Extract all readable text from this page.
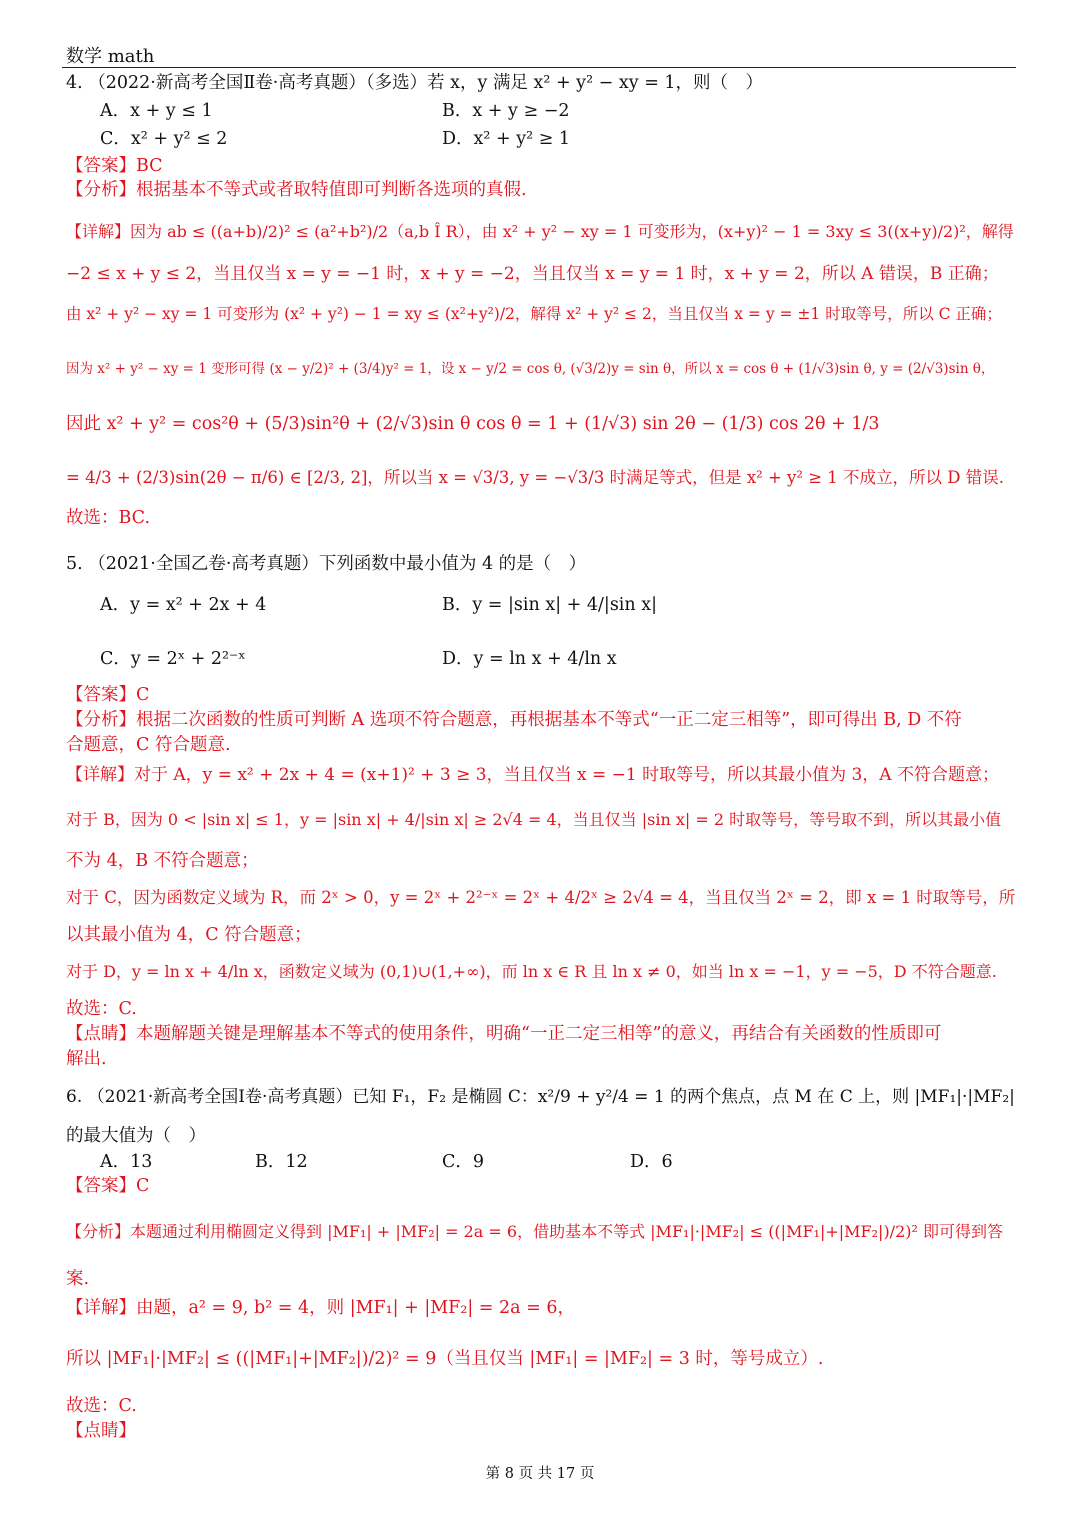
数学 math
4. （2022·新高考全国Ⅱ卷·高考真题）（多选）若 x，y 满足 x² + y² − xy = 1，则（　）
A．x + y ≤ 1	B．x + y ≥ −2
C．x² + y² ≤ 2	D．x² + y² ≥ 1
【答案】BC
【分析】根据基本不等式或者取特值即可判断各选项的真假.
【详解】因为 ab ≤ ((a+b)/2)² ≤ (a²+b²)/2（a,b Î R），由 x² + y² − xy = 1 可变形为，(x+y)² − 1 = 3xy ≤ 3((x+y)/2)²，解得
−2 ≤ x + y ≤ 2，当且仅当 x = y = −1 时，x + y = −2，当且仅当 x = y = 1 时，x + y = 2，所以 A 错误，B 正确；
由 x² + y² − xy = 1 可变形为 (x² + y²) − 1 = xy ≤ (x²+y²)/2，解得 x² + y² ≤ 2，当且仅当 x = y = ±1 时取等号，所以 C 正确；
因为 x² + y² − xy = 1 变形可得 (x − y/2)² + (3/4)y² = 1，设 x − y/2 = cos θ, (√3/2)y = sin θ，所以 x = cos θ + (1/√3)sin θ, y = (2/√3)sin θ，
因此 x² + y² = cos²θ + (5/3)sin²θ + (2/√3)sin θ cos θ = 1 + (1/√3) sin 2θ − (1/3) cos 2θ + 1/3
= 4/3 + (2/3)sin(2θ − π/6) ∈ [2/3, 2]，所以当 x = √3/3, y = −√3/3 时满足等式，但是 x² + y² ≥ 1 不成立，所以 D 错误.
故选：BC.
5. （2021·全国乙卷·高考真题）下列函数中最小值为 4 的是（　）
A．y = x² + 2x + 4	B．y = |sin x| + 4/|sin x|
C．y = 2ˣ + 2²⁻ˣ	D．y = ln x + 4/ln x
【答案】C
【分析】根据二次函数的性质可判断 A 选项不符合题意，再根据基本不等式“一正二定三相等”，即可得出 B, D 不符
合题意，C 符合题意.
【详解】对于 A，y = x² + 2x + 4 = (x+1)² + 3 ≥ 3，当且仅当 x = −1 时取等号，所以其最小值为 3，A 不符合题意；
对于 B，因为 0 < |sin x| ≤ 1，y = |sin x| + 4/|sin x| ≥ 2√4 = 4，当且仅当 |sin x| = 2 时取等号，等号取不到，所以其最小值
不为 4，B 不符合题意；
对于 C，因为函数定义域为 R，而 2ˣ > 0，y = 2ˣ + 2²⁻ˣ = 2ˣ + 4/2ˣ ≥ 2√4 = 4，当且仅当 2ˣ = 2，即 x = 1 时取等号，所
以其最小值为 4，C 符合题意；
对于 D，y = ln x + 4/ln x，函数定义域为 (0,1)∪(1,+∞)，而 ln x ∈ R 且 ln x ≠ 0，如当 ln x = −1，y = −5，D 不符合题意.
故选：C.
【点睛】本题解题关键是理解基本不等式的使用条件，明确“一正二定三相等”的意义，再结合有关函数的性质即可
解出.
6. （2021·新高考全国Ⅰ卷·高考真题）已知 F₁，F₂ 是椭圆 C：x²/9 + y²/4 = 1 的两个焦点，点 M 在 C 上，则 |MF₁|·|MF₂|
的最大值为（　）
A．13	B．12	C．9	D．6
【答案】C
【分析】本题通过利用椭圆定义得到 |MF₁| + |MF₂| = 2a = 6，借助基本不等式 |MF₁|·|MF₂| ≤ ((|MF₁|+|MF₂|)/2)² 即可得到答
案.
【详解】由题，a² = 9, b² = 4，则 |MF₁| + |MF₂| = 2a = 6，
所以 |MF₁|·|MF₂| ≤ ((|MF₁|+|MF₂|)/2)² = 9（当且仅当 |MF₁| = |MF₂| = 3 时，等号成立）.
故选：C.
【点睛】
第 8 页 共 17 页
